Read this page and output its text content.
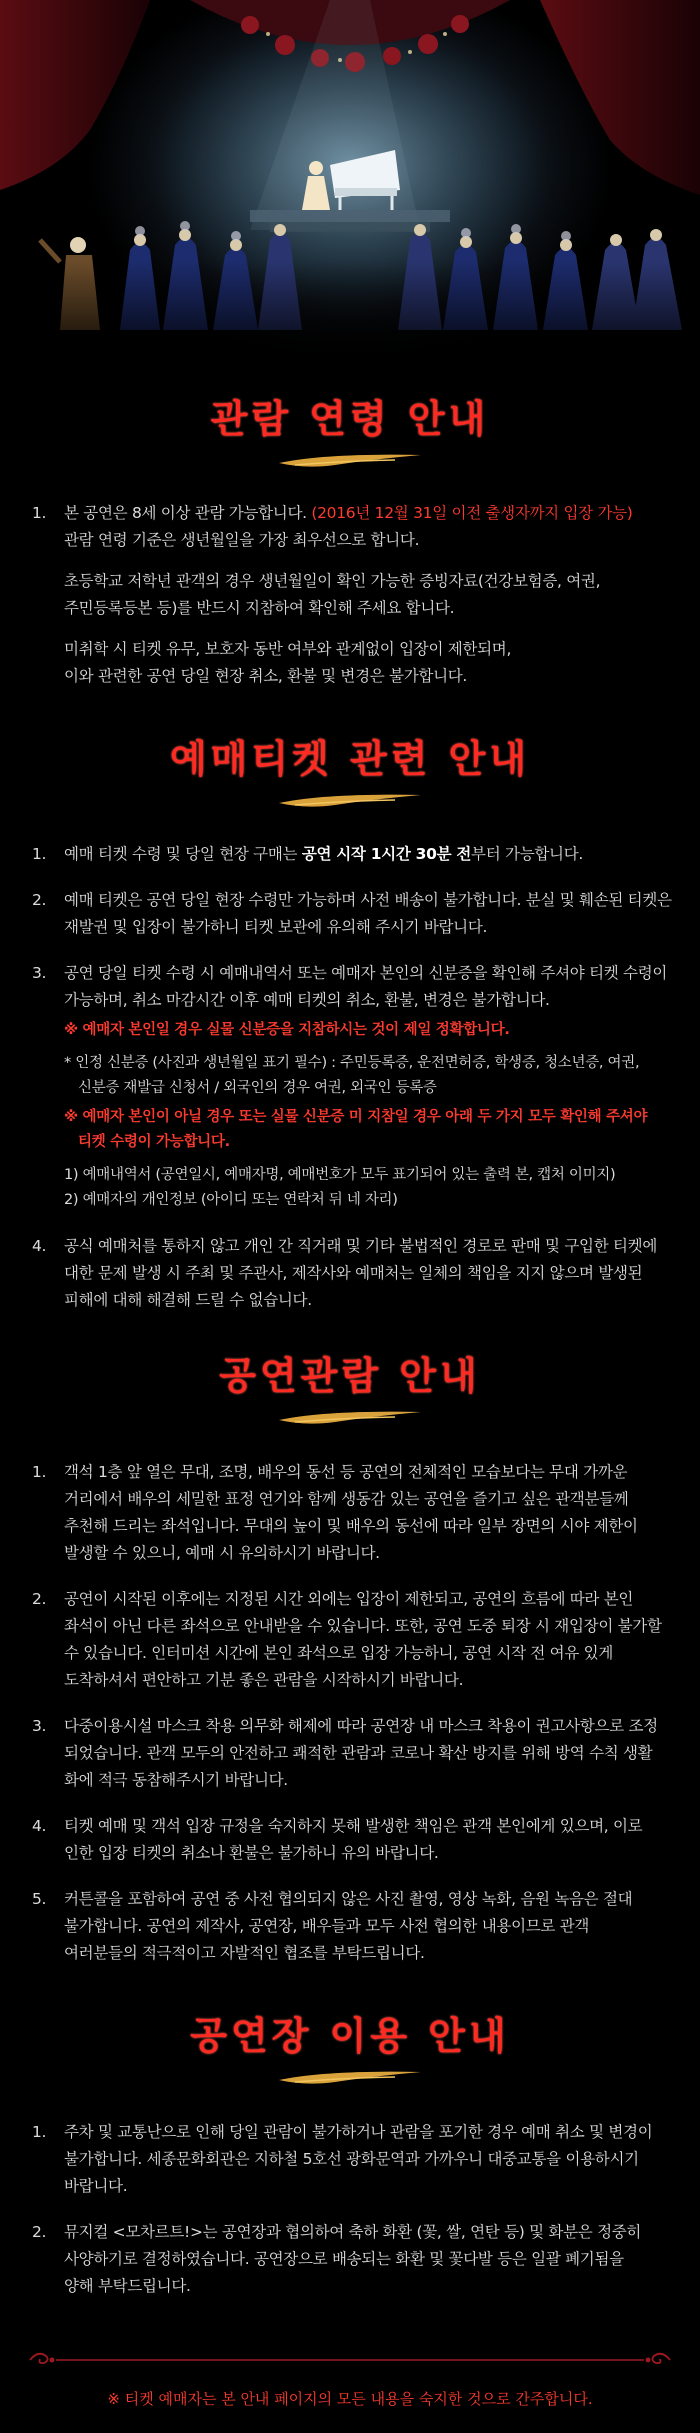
관람 연령 안내
1. 본 공연은 8세 이상 관람 가능합니다. (2016년 12월 31일 이전 출생자까지 입장 가능)
관람 연령 기준은 생년월일을 가장 최우선으로 합니다.
초등학교 저학년 관객의 경우 생년월일이 확인 가능한 증빙자료(건강보험증, 여권,
주민등록등본 등)를 반드시 지참하여 확인해 주세요 합니다.
미취학 시 티켓 유무, 보호자 동반 여부와 관계없이 입장이 제한되며,
이와 관련한 공연 당일 현장 취소, 환불 및 변경은 불가합니다.
예매티켓 관련 안내
1. 예매 티켓 수령 및 당일 현장 구매는 공연 시작 1시간 30분 전부터 가능합니다.
2. 예매 티켓은 공연 당일 현장 수령만 가능하며 사전 배송이 불가합니다. 분실 및 훼손된 티켓은
재발권 및 입장이 불가하니 티켓 보관에 유의해 주시기 바랍니다.
3. 공연 당일 티켓 수령 시 예매내역서 또는 예매자 본인의 신분증을 확인해 주셔야 티켓 수령이
가능하며, 취소 마감시간 이후 예매 티켓의 취소, 환불, 변경은 불가합니다.
※ 예매자 본인일 경우 실물 신분증을 지참하시는 것이 제일 정확합니다.
* 인정 신분증 (사진과 생년월일 표기 필수) : 주민등록증, 운전면허증, 학생증, 청소년증, 여권,
신분증 재발급 신청서 / 외국인의 경우 여권, 외국인 등록증
※ 예매자 본인이 아닐 경우 또는 실물 신분증 미 지참일 경우 아래 두 가지 모두 확인해 주셔야
티켓 수령이 가능합니다.
1) 예매내역서 (공연일시, 예매자명, 예매번호가 모두 표기되어 있는 출력 본, 캡처 이미지)
2) 예매자의 개인정보 (아이디 또는 연락처 뒤 네 자리)
4. 공식 예매처를 통하지 않고 개인 간 직거래 및 기타 불법적인 경로로 판매 및 구입한 티켓에
대한 문제 발생 시 주최 및 주관사, 제작사와 예매처는 일체의 책임을 지지 않으며 발생된
피해에 대해 해결해 드릴 수 없습니다.
공연관람 안내
1. 객석 1층 앞 열은 무대, 조명, 배우의 동선 등 공연의 전체적인 모습보다는 무대 가까운
거리에서 배우의 세밀한 표정 연기와 함께 생동감 있는 공연을 즐기고 싶은 관객분들께
추천해 드리는 좌석입니다. 무대의 높이 및 배우의 동선에 따라 일부 장면의 시야 제한이
발생할 수 있으니, 예매 시 유의하시기 바랍니다.
2. 공연이 시작된 이후에는 지정된 시간 외에는 입장이 제한되고, 공연의 흐름에 따라 본인
좌석이 아닌 다른 좌석으로 안내받을 수 있습니다. 또한, 공연 도중 퇴장 시 재입장이 불가할
수 있습니다. 인터미션 시간에 본인 좌석으로 입장 가능하니, 공연 시작 전 여유 있게
도착하셔서 편안하고 기분 좋은 관람을 시작하시기 바랍니다.
3. 다중이용시설 마스크 착용 의무화 해제에 따라 공연장 내 마스크 착용이 권고사항으로 조정
되었습니다. 관객 모두의 안전하고 쾌적한 관람과 코로나 확산 방지를 위해 방역 수칙 생활
화에 적극 동참해주시기 바랍니다.
4. 티켓 예매 및 객석 입장 규정을 숙지하지 못해 발생한 책임은 관객 본인에게 있으며, 이로
인한 입장 티켓의 취소나 환불은 불가하니 유의 바랍니다.
5. 커튼콜을 포함하여 공연 중 사전 협의되지 않은 사진 촬영, 영상 녹화, 음원 녹음은 절대
불가합니다. 공연의 제작사, 공연장, 배우들과 모두 사전 협의한 내용이므로 관객
여러분들의 적극적이고 자발적인 협조를 부탁드립니다.
공연장 이용 안내
1. 주차 및 교통난으로 인해 당일 관람이 불가하거나 관람을 포기한 경우 예매 취소 및 변경이
불가합니다. 세종문화회관은 지하철 5호선 광화문역과 가까우니 대중교통을 이용하시기
바랍니다.
2. 뮤지컬 <모차르트!>는 공연장과 협의하여 축하 화환 (꽃, 쌀, 연탄 등) 및 화분은 정중히
사양하기로 결정하였습니다. 공연장으로 배송되는 화환 및 꽃다발 등은 일괄 폐기됨을
양해 부탁드립니다.
※ 티켓 예매자는 본 안내 페이지의 모든 내용을 숙지한 것으로 간주합니다.
